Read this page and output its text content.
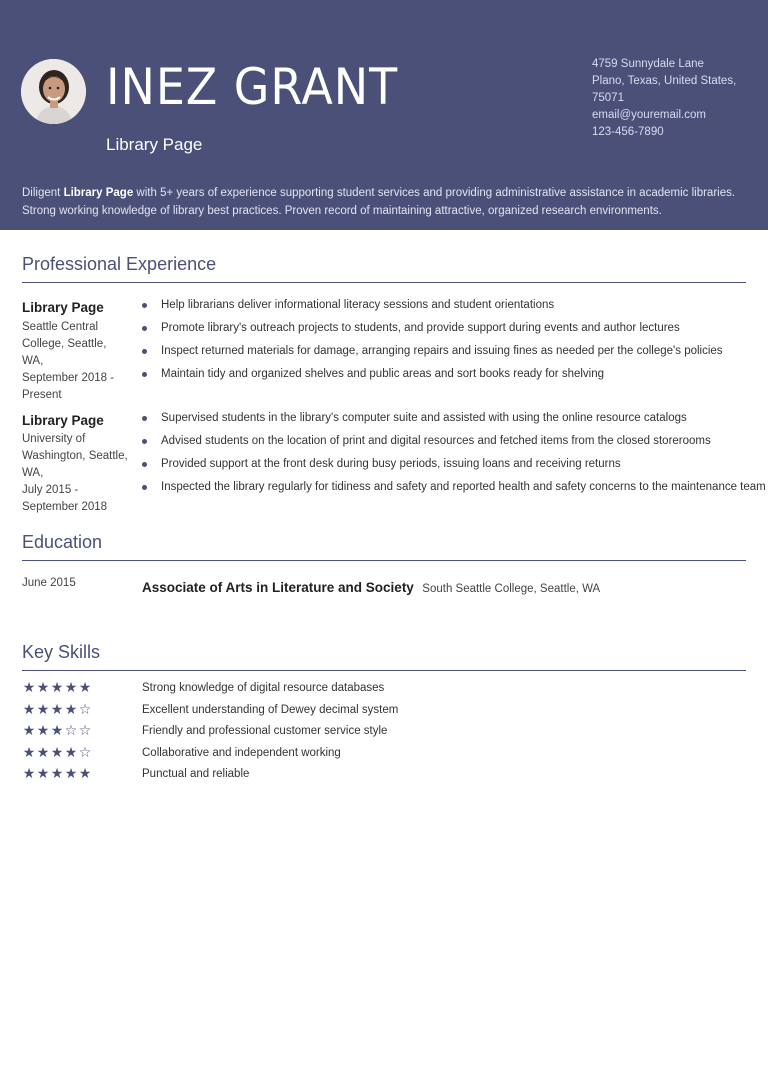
INEZ GRANT
Library Page
4759 Sunnydale Lane
Plano, Texas, United States,
75071
email@youremail.com
123-456-7890
Diligent Library Page with 5+ years of experience supporting student services and providing administrative assistance in academic libraries. Strong working knowledge of library best practices. Proven record of maintaining attractive, organized research environments.
Professional Experience
Library Page
Seattle Central
College, Seattle, WA,
September 2018 -
Present
Help librarians deliver informational literacy sessions and student orientations
Promote library's outreach projects to students, and provide support during events and author lectures
Inspect returned materials for damage, arranging repairs and issuing fines as needed per the college's policies
Maintain tidy and organized shelves and public areas and sort books ready for shelving
Library Page
University of
Washington, Seattle,
WA,
July 2015 -
September 2018
Supervised students in the library's computer suite and assisted with using the online resource catalogs
Advised students on the location of print and digital resources and fetched items from the closed storerooms
Provided support at the front desk during busy periods, issuing loans and receiving returns
Inspected the library regularly for tidiness and safety and reported health and safety concerns to the maintenance team
Education
June 2015	Associate of Arts in Literature and Society South Seattle College, Seattle, WA
Key Skills
★★★★★	Strong knowledge of digital resource databases
★★★★☆	Excellent understanding of Dewey decimal system
★★★☆☆	Friendly and professional customer service style
★★★★☆	Collaborative and independent working
★★★★★	Punctual and reliable
